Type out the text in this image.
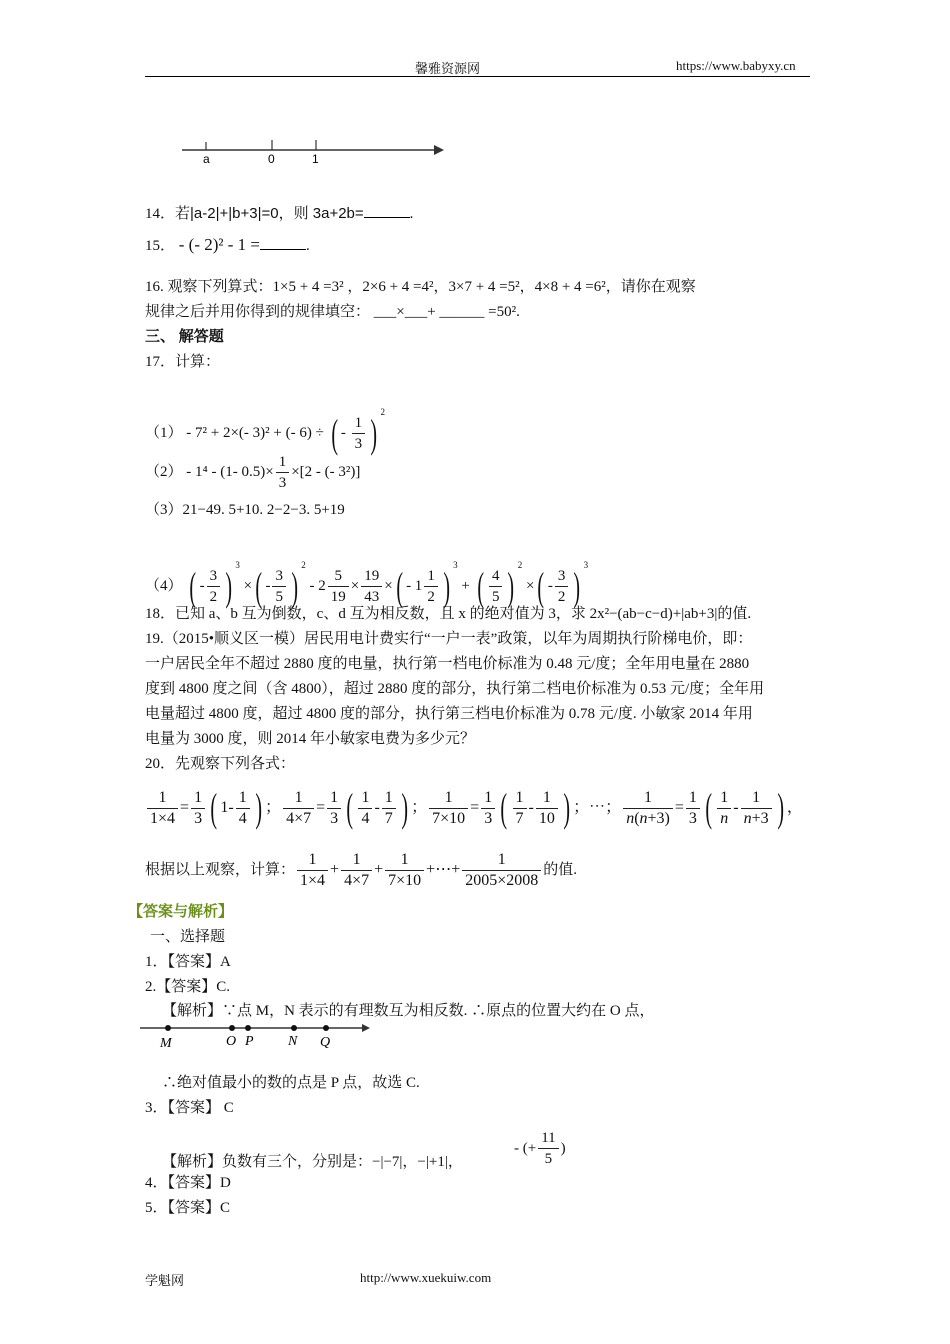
馨雅资源网	https://www.babyxy.cn
a	0	1
14．若|a-2|+|b+3|=0，则 3a+2b=	.
15． - (- 2)² - 1 =	.
16. 观察下列算式：1×5 + 4 =3² ，2×6 + 4 =4²，3×7 + 4 =5²，4×8 + 4 =6²，请你在观察
规律之后并用你得到的规律填空： ___×___+ ______ =50².
三、 解答题
17．计算：
（1） - 7² + 2×(- 3)² + (- 6) ÷ ( - $\frac{1}{3}$ ) $^2$
（2） - 1⁴ - (1- $0.5)\times \frac{1}{3} \times[2$ - (- 3²)]
（3）21−49. 5+10. 2−2−3. 5+19
（4） ( - $\frac{3}{2}$ ) $^3$ ×( - $\frac{3}{5}$ ) $^2 - 2 \frac{5}{19} \times \frac{19}{43}$ ×( - $1 \frac{1}{2}$ ) $^3$ + ( $\frac{4}{5}$ ) $^2$ ×( - $\frac{3}{2}$ ) $^3$
18．已知 a、b 互为倒数，c、d 互为相反数，且 x 的绝对值为 3，求 2x²−(ab−c−d)+|ab+3|的值.
19.（2015•顺义区一模）居民用电计费实行“一户一表”政策，以年为周期执行阶梯电价，即：
一户居民全年不超过 2880 度的电量，执行第一档电价标准为 0.48 元/度；全年用电量在 2880
度到 4800 度之间（含 4800），超过 2880 度的部分，执行第二档电价标准为 0.53 元/度；全年用
电量超过 4800 度，超过 4800 度的部分，执行第三档电价标准为 0.78 元/度. 小敏家 2014 年用
电量为 3000 度，则 2014 年小敏家电费为多少元？
20．先观察下列各式：
$\frac{1}{1\times 4} = \frac{1}{3}$ ( $1- \frac{1}{4}$ ) ； $\frac{1}{4\times 7} = \frac{1}{3}$ ( $\frac{1}{4} - \frac{1}{7}$ ) ； $\frac{1}{7\times 10} = \frac{1}{3}$ ( $\frac{1}{7} - \frac{1}{10}$ ) ；⋯； $\frac{1}{n(n+3)} = \frac{1}{3}$ ( $\frac{1}{n} - \frac{1}{n+3}$ ) ，
根据以上观察，计算： $\frac{1}{1\times 4} + \frac{1}{4\times 7} + \frac{1}{7\times 10}$ +⋯+ $\frac{1}{2005\times 2008}$ 的值.
【答案与解析】
一、选择题
1．【答案】A
2.【答案】C.
【解析】∵点 M，N 表示的有理数互为相反数. ∴原点的位置大约在 O 点，
M	O P N Q
∴绝对值最小的数的点是 P 点，故选 C.
3．【答案】 C
【解析】负数有三个，分别是：−|−7|，−|+1|，
- (+ $\frac{11}{5}$ )
4．【答案】D
5．【答案】C
学魁网	http://www.xuekuiw.com
